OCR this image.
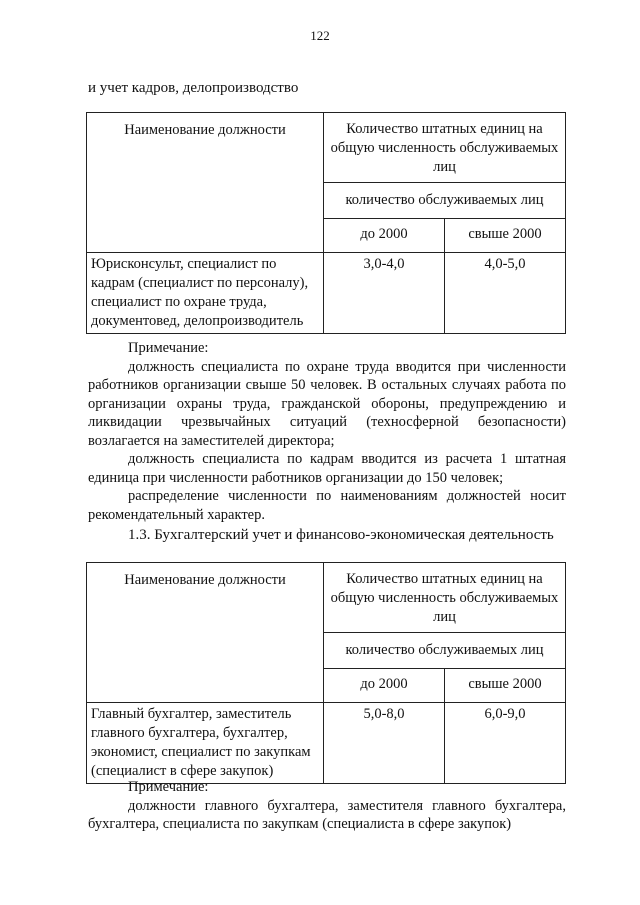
122
и учет кадров, делопроизводство
Наименование должности	Количество штатных единиц на общую численность обслуживаемых лиц	
	количество обслуживаемых лиц	
	до 2000	свыше 2000
Юрисконсульт, специалист по кадрам (специалист по персоналу), специалист по охране труда, документовед, делопроизводитель	3,0-4,0	4,0-5,0

Примечание:

должность специалиста по охране труда вводится при численности работников организации свыше 50 человек. В остальных случаях работа по организации охраны труда, гражданской обороны, предупреждению и ликвидации чрезвычайных ситуаций (техносферной безопасности) возлагается на заместителей директора;

должность специалиста по кадрам вводится из расчета 1 штатная единица при численности работников организации до 150 человек;

распределение численности по наименованиям должностей носит рекомендательный характер.

1.3. Бухгалтерский учет и финансово-экономическая деятельность
Наименование должности	Количество штатных единиц на общую численность обслуживаемых лиц	
	количество обслуживаемых лиц	
	до 2000	свыше 2000
Главный бухгалтер, заместитель главного бухгалтера, бухгалтер, экономист, специалист по закупкам (специалист в сфере закупок)	5,0-8,0	6,0-9,0

Примечание:

должности главного бухгалтера, заместителя главного бухгалтера, бухгалтера, специалиста по закупкам (специалиста в сфере закупок)
